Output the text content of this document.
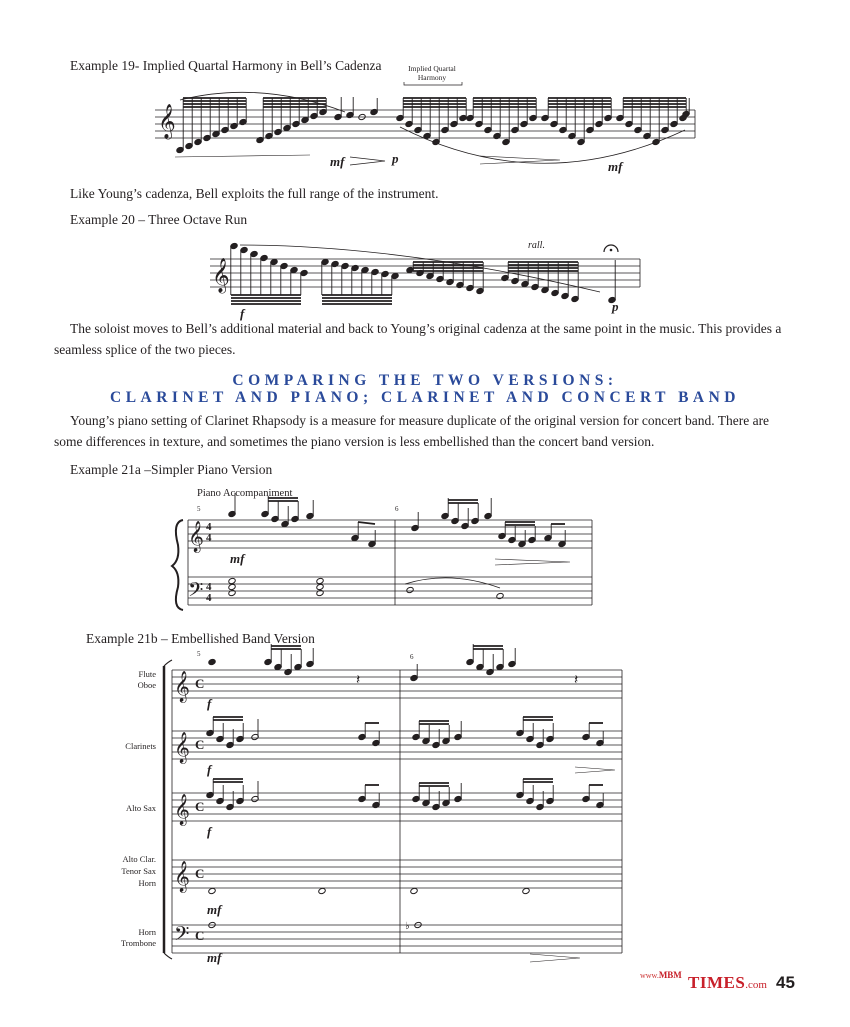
Example 19- Implied Quartal Harmony in Bell’s Cadenza	Implied Quartal
Harmony
𝄞
mf	p
mf
Like Young’s cadenza, Bell exploits the full range of the instrument.
Example 20 – Three Octave Run
𝄞
rall.
f	p
The soloist moves to Bell’s additional material and back to Young’s original cadenza at the same point in the music. This provides a seamless splice of the two pieces.
COMPARING THE TWO VERSIONS:
CLARINET AND PIANO; CLARINET AND CONCERT BAND
Young’s piano setting of Clarinet Rhapsody is a measure for measure duplicate of the original version for concert band. There are some differences in texture, and sometimes the piano version is less embellished than the concert band version.
Example 21a –Simpler Piano Version
Piano Accompaniment
5	6
𝄞
𝄢
4
4
4
4
mf
Example 21b – Embellished Band Version
5	6
Flute
Oboe
Clarinets
Alto Sax
Alto Clar.
Tenor Sax
Horn
Horn
Trombone
𝄞
𝄞
𝄞
𝄞
𝄢
C
C
C
C
C
𝄽	𝄽
♭
f
f
f
mf
mf
www.MBM TIMES.com 45
